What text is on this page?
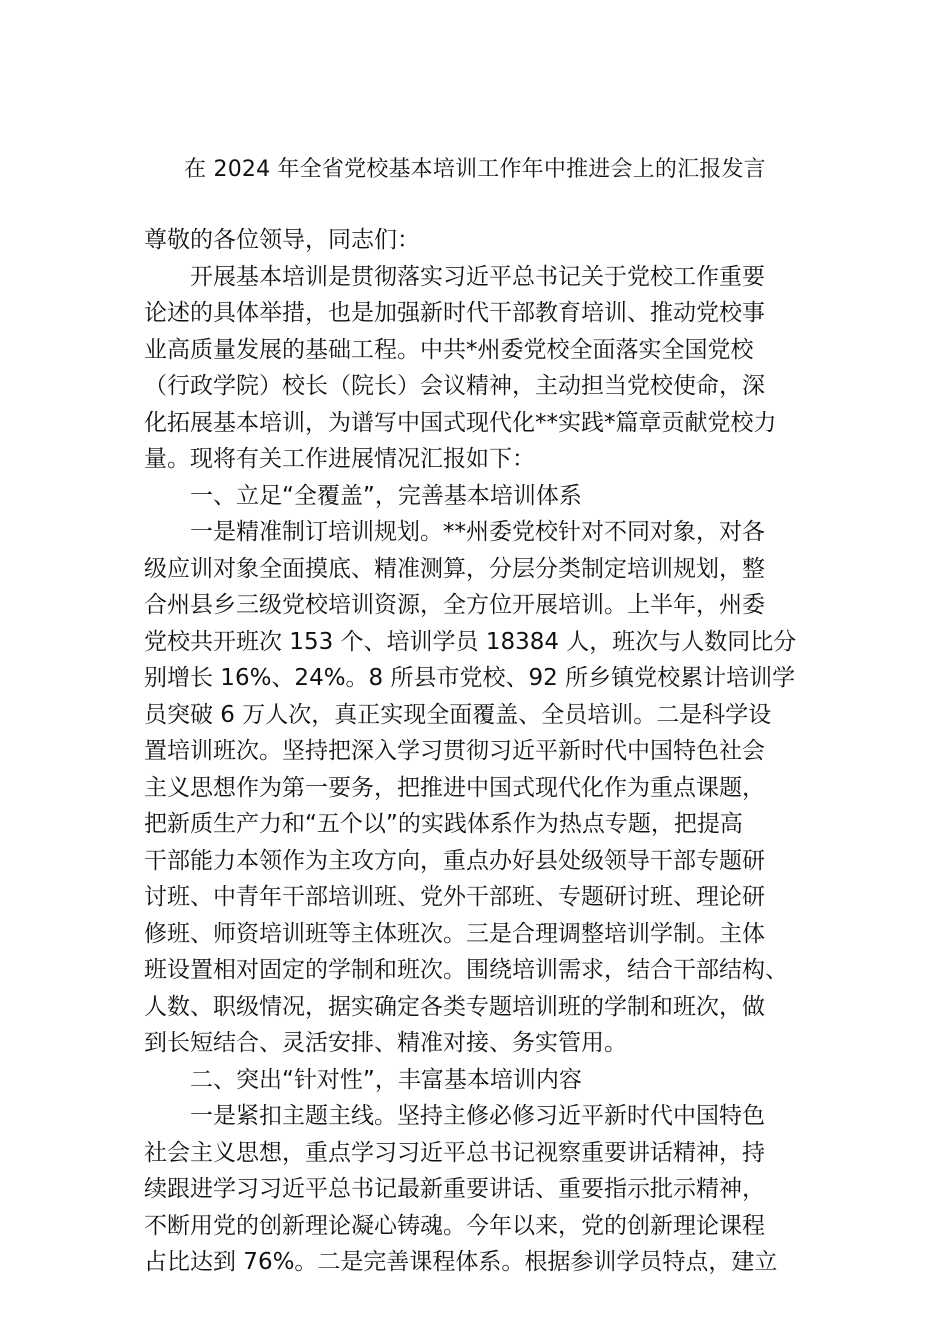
在 2024 年全省党校基本培训工作年中推进会上的汇报发言
尊敬的各位领导，同志们：
开展基本培训是贯彻落实习近平总书记关于党校工作重要
论述的具体举措，也是加强新时代干部教育培训、推动党校事
业高质量发展的基础工程。中共*州委党校全面落实全国党校
（行政学院）校长（院长）会议精神，主动担当党校使命，深
化拓展基本培训，为谱写中国式现代化**实践*篇章贡献党校力
量。现将有关工作进展情况汇报如下：
一、立足“全覆盖”，完善基本培训体系
一是精准制订培训规划。**州委党校针对不同对象，对各
级应训对象全面摸底、精准测算，分层分类制定培训规划，整
合州县乡三级党校培训资源，全方位开展培训。上半年，州委
党校共开班次 153 个、培训学员 18384 人，班次与人数同比分
别增长 16%、24%。8 所县市党校、92 所乡镇党校累计培训学
员突破 6 万人次，真正实现全面覆盖、全员培训。二是科学设
置培训班次。坚持把深入学习贯彻习近平新时代中国特色社会
主义思想作为第一要务，把推进中国式现代化作为重点课题，
把新质生产力和“五个以”的实践体系作为热点专题，把提高
干部能力本领作为主攻方向，重点办好县处级领导干部专题研
讨班、中青年干部培训班、党外干部班、专题研讨班、理论研
修班、师资培训班等主体班次。三是合理调整培训学制。主体
班设置相对固定的学制和班次。围绕培训需求，结合干部结构、
人数、职级情况，据实确定各类专题培训班的学制和班次，做
到长短结合、灵活安排、精准对接、务实管用。
二、突出“针对性”，丰富基本培训内容
一是紧扣主题主线。坚持主修必修习近平新时代中国特色
社会主义思想，重点学习习近平总书记视察重要讲话精神，持
续跟进学习习近平总书记最新重要讲话、重要指示批示精神，
不断用党的创新理论凝心铸魂。今年以来，党的创新理论课程
占比达到 76%。二是完善课程体系。根据参训学员特点，建立
